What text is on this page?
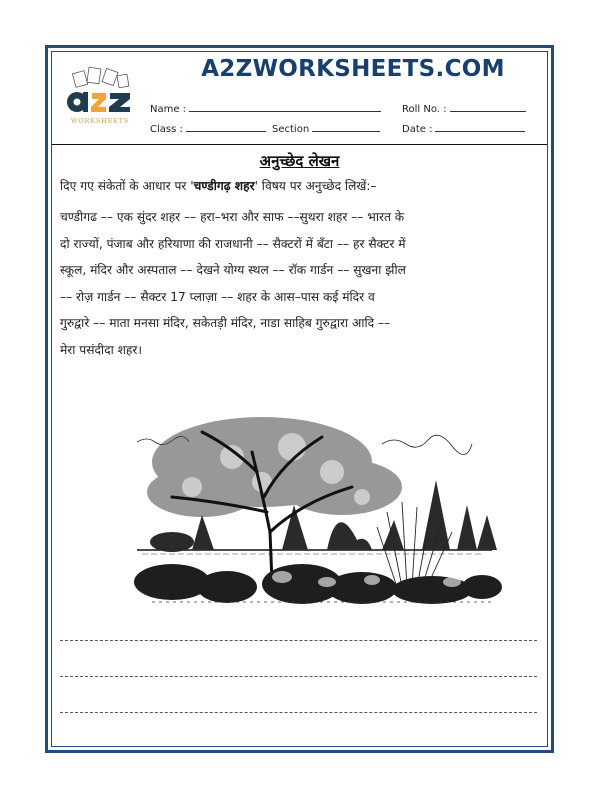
WORKSHEETS
A2ZWORKSHEETS.COM
Name :
Class :	Section
Roll No. :
Date :
अनुच्छेद लेखन
दिए गए संकेतों के आधार पर 'चण्डीगढ़ शहर' विषय पर अनुच्छेद लिखें:–
चण्डीगढ –– एक सुंदर शहर –– हरा–भरा और साफ ––सुथरा शहर –– भारत के
दो राज्यों, पंजाब और हरियाणा की राजधानी –– सैक्टरों में बँटा –– हर सैक्टर में
स्कूल, मंदिर और अस्पताल –– देखने योग्य स्थल –– रॉक गार्डन –– सुखना झील
–– रोज़ गार्डन –– सैक्टर 17 प्लाज़ा –– शहर के आस–पास कई मंदिर व
गुरुद्वारे –– माता मनसा मंदिर, सकेतड़ी मंदिर, नाडा साहिब गुरुद्वारा आदि ––
मेरा पसंदीदा शहर।
